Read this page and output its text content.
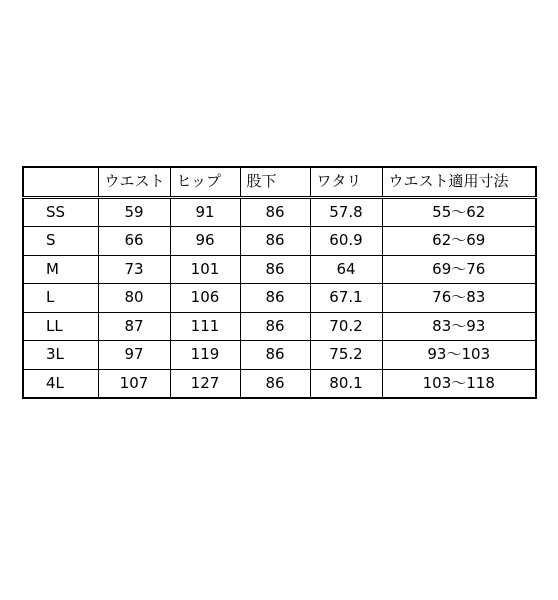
	ウエスト	ヒップ	股下	ワタリ	ウエスト適用寸法
SS	59	91	86	57.8	55〜62
S	66	96	86	60.9	62〜69
M	73	101	86	64	69〜76
L	80	106	86	67.1	76〜83
LL	87	111	86	70.2	83〜93
3L	97	119	86	75.2	93〜103
4L	107	127	86	80.1	103〜118
